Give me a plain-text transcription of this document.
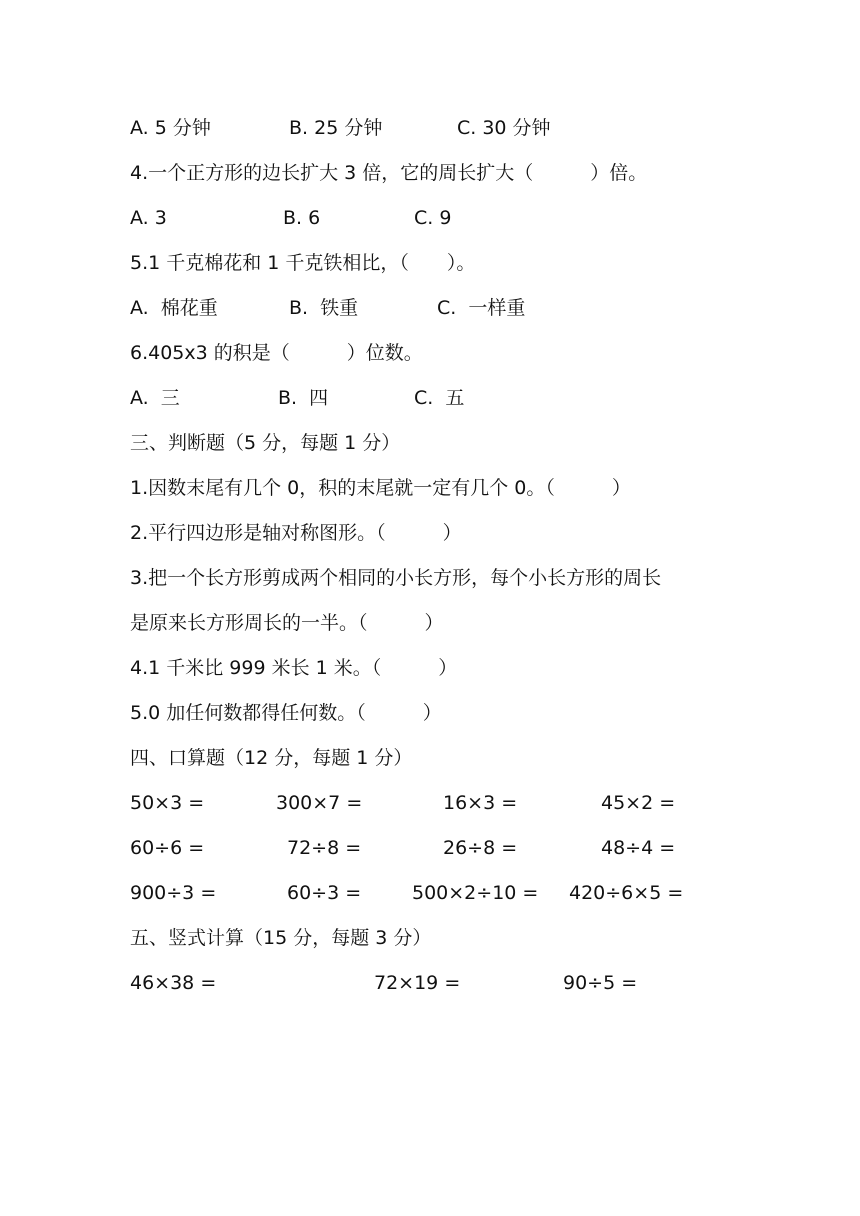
A. 5 分钟	B. 25 分钟	C. 30 分钟
4.一个正方形的边长扩大 3 倍，它的周长扩大（　　　）倍。
A. 3	B. 6	C. 9
5.1 千克棉花和 1 千克铁相比，（　　）。
A.  棉花重	B.  铁重	C.  一样重
6.405x3 的积是（　　　）位数。
A.  三	B.  四	C.  五
三、判断题（5 分，每题 1 分）
1.因数末尾有几个 0，积的末尾就一定有几个 0。（　　　）
2.平行四边形是轴对称图形。（　　　）
3.把一个长方形剪成两个相同的小长方形，每个小长方形的周长
是原来长方形周长的一半。（　　　）
4.1 千米比 999 米长 1 米。（　　　）
5.0 加任何数都得任何数。（　　　）
四、口算题（12 分，每题 1 分）
50×3 =	300×7 =	16×3 =	45×2 =
60÷6 =	72÷8 =	26÷8 =	48÷4 =
900÷3 =	60÷3 =	500×2÷10 = 420÷6×5 =
五、竖式计算（15 分，每题 3 分）
46×38 =	72×19 =	90÷5 =
